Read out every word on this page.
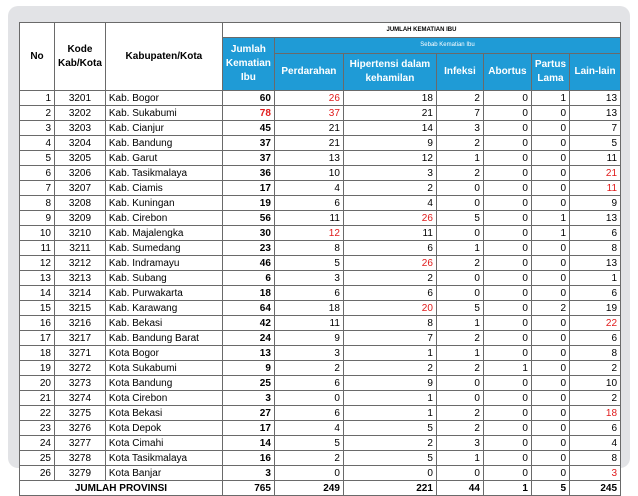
No	Kode Kab/Kota	Kabupaten/Kota	JUMLAH KEMATIAN IBU						
			Jumlah Kematian Ibu	Sebab Kematian Ibu					
				Perdarahan	Hipertensi dalam kehamilan	Infeksi	Abortus	Partus Lama	Lain-lain
1	3201	Kab. Bogor	60	26	18	2	0	1	13
2	3202	Kab. Sukabumi	78	37	21	7	0	0	13
3	3203	Kab. Cianjur	45	21	14	3	0	0	7
4	3204	Kab. Bandung	37	21	9	2	0	0	5
5	3205	Kab. Garut	37	13	12	1	0	0	11
6	3206	Kab. Tasikmalaya	36	10	3	2	0	0	21
7	3207	Kab. Ciamis	17	4	2	0	0	0	11
8	3208	Kab. Kuningan	19	6	4	0	0	0	9
9	3209	Kab. Cirebon	56	11	26	5	0	1	13
10	3210	Kab. Majalengka	30	12	11	0	0	1	6
11	3211	Kab. Sumedang	23	8	6	1	0	0	8
12	3212	Kab. Indramayu	46	5	26	2	0	0	13
13	3213	Kab. Subang	6	3	2	0	0	0	1
14	3214	Kab. Purwakarta	18	6	6	0	0	0	6
15	3215	Kab. Karawang	64	18	20	5	0	2	19
16	3216	Kab. Bekasi	42	11	8	1	0	0	22
17	3217	Kab. Bandung Barat	24	9	7	2	0	0	6
18	3271	Kota Bogor	13	3	1	1	0	0	8
19	3272	Kota Sukabumi	9	2	2	2	1	0	2
20	3273	Kota Bandung	25	6	9	0	0	0	10
21	3274	Kota Cirebon	3	0	1	0	0	0	2
22	3275	Kota Bekasi	27	6	1	2	0	0	18
23	3276	Kota Depok	17	4	5	2	0	0	6
24	3277	Kota Cimahi	14	5	2	3	0	0	4
25	3278	Kota Tasikmalaya	16	2	5	1	0	0	8
26	3279	Kota Banjar	3	0	0	0	0	0	3
JUMLAH PROVINSI			765	249	221	44	1	5	245
